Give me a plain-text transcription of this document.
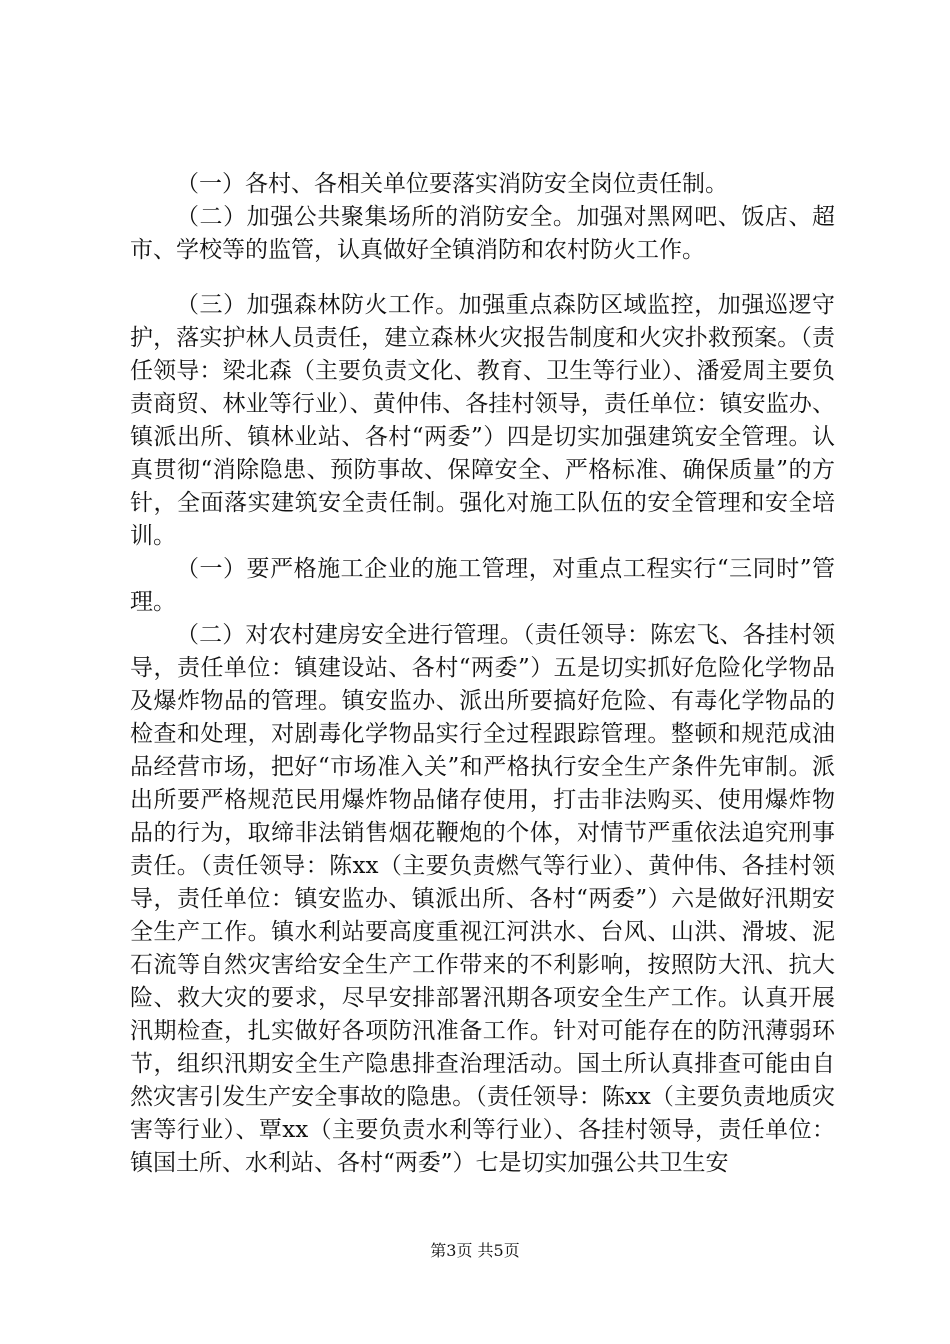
（一）各村、各相关单位要落实消防安全岗位责任制。

（二）加强公共聚集场所的消防安全。加强对黑网吧、饭店、超市、学校等的监管，认真做好全镇消防和农村防火工作。

（三）加强森林防火工作。加强重点森防区域监控，加强巡逻守护，落实护林人员责任，建立森林火灾报告制度和火灾扑救预案。（责任领导：梁北森（主要负责文化、教育、卫生等行业）、潘爱周主要负责商贸、林业等行业）、黄仲伟、各挂村领导，责任单位：镇安监办、镇派出所、镇林业站、各村“两委”）四是切实加强建筑安全管理。认真贯彻“消除隐患、预防事故、保障安全、严格标准、确保质量”的方针，全面落实建筑安全责任制。强化对施工队伍的安全管理和安全培训。

（一）要严格施工企业的施工管理，对重点工程实行“三同时”管理。

（二）对农村建房安全进行管理。（责任领导：陈宏飞、各挂村领导，责任单位：镇建设站、各村“两委”）五是切实抓好危险化学物品及爆炸物品的管理。镇安监办、派出所要搞好危险、有毒化学物品的检查和处理，对剧毒化学物品实行全过程跟踪管理。整顿和规范成油品经营市场，把好“市场准入关”和严格执行安全生产条件先审制。派出所要严格规范民用爆炸物品储存使用，打击非法购买、使用爆炸物品的行为，取缔非法销售烟花鞭炮的个体，对情节严重依法追究刑事责任。（责任领导：陈xx（主要负责燃气等行业）、黄仲伟、各挂村领导，责任单位：镇安监办、镇派出所、各村“两委”）六是做好汛期安全生产工作。镇水利站要高度重视江河洪水、台风、山洪、滑坡、泥石流等自然灾害给安全生产工作带来的不利影响，按照防大汛、抗大险、救大灾的要求，尽早安排部署汛期各项安全生产工作。认真开展汛期检查，扎实做好各项防汛准备工作。针对可能存在的防汛薄弱环节，组织汛期安全生产隐患排查治理活动。国土所认真排查可能由自然灾害引发生产安全事故的隐患。（责任领导：陈xx（主要负责地质灾害等行业）、覃xx（主要负责水利等行业）、各挂村领导，责任单位：镇国土所、水利站、各村“两委”）七是切实加强公共卫生安

第3页 共5页
